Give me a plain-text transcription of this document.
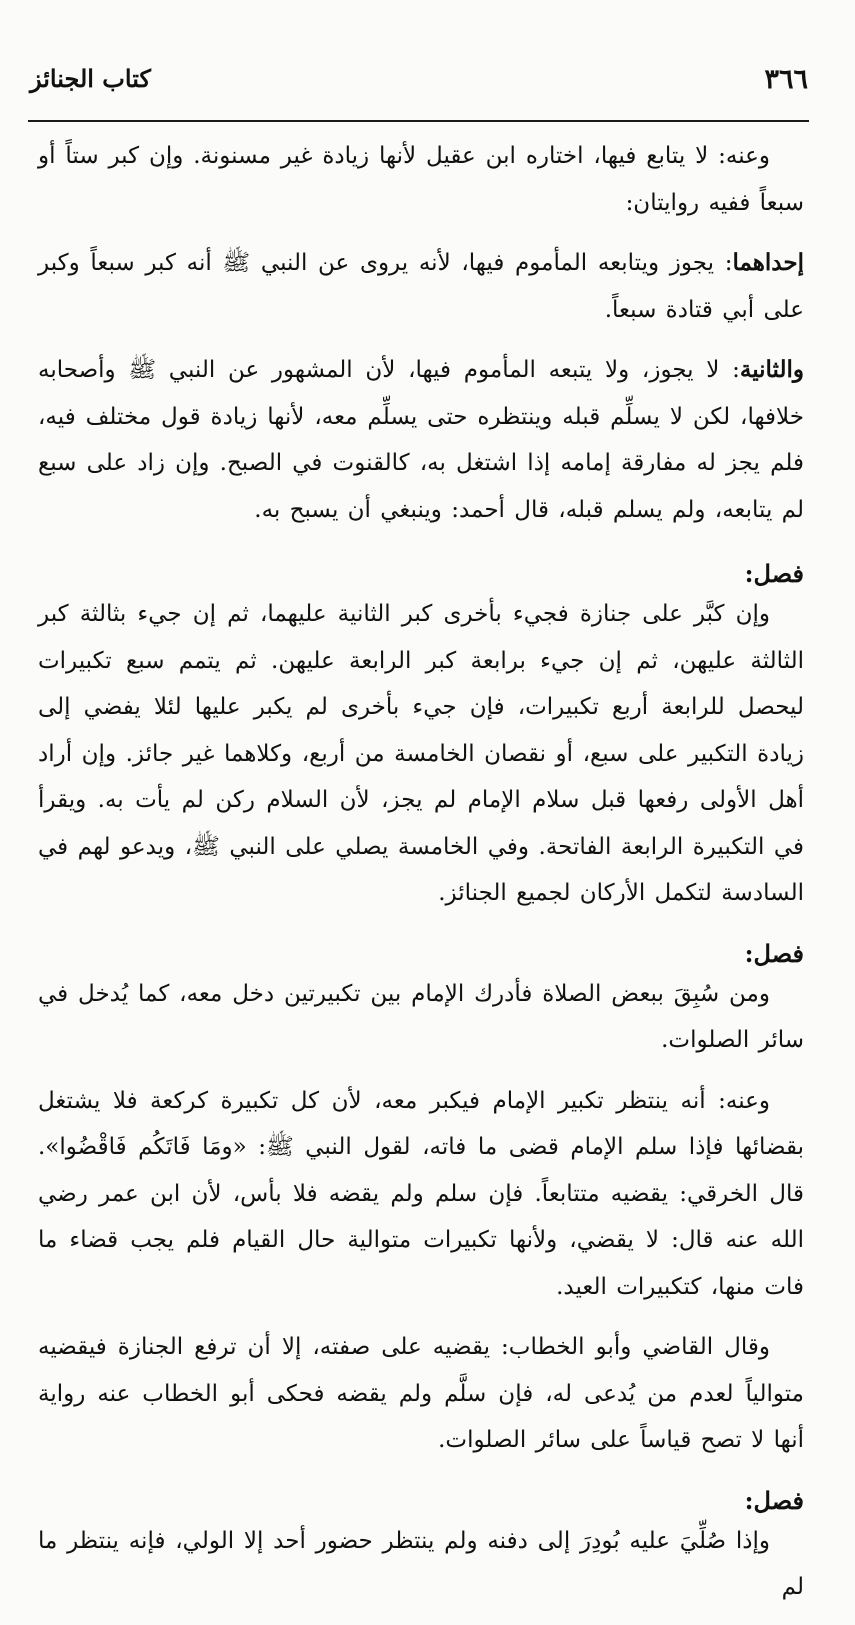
٣٦٦
كتاب الجنائز

وعنه: لا يتابع فيها، اختاره ابن عقيل لأنها زيادة غير مسنونة. وإن كبر ستاً أو سبعاً ففيه روايتان:

إحداهما: يجوز ويتابعه المأموم فيها، لأنه يروى عن النبي ﷺ أنه كبر سبعاً وكبر على أبي قتادة سبعاً.

والثانية: لا يجوز، ولا يتبعه المأموم فيها، لأن المشهور عن النبي ﷺ وأصحابه خلافها، لكن لا يسلِّم قبله وينتظره حتى يسلِّم معه، لأنها زيادة قول مختلف فيه، فلم يجز له مفارقة إمامه إذا اشتغل به، كالقنوت في الصبح. وإن زاد على سبع لم يتابعه، ولم يسلم قبله، قال أحمد: وينبغي أن يسبح به.

فصل:

وإن كبَّر على جنازة فجيء بأخرى كبر الثانية عليهما، ثم إن جيء بثالثة كبر الثالثة عليهن، ثم إن جيء برابعة كبر الرابعة عليهن. ثم يتمم سبع تكبيرات ليحصل للرابعة أربع تكبيرات، فإن جيء بأخرى لم يكبر عليها لئلا يفضي إلى زيادة التكبير على سبع، أو نقصان الخامسة من أربع، وكلاهما غير جائز. وإن أراد أهل الأولى رفعها قبل سلام الإمام لم يجز، لأن السلام ركن لم يأت به. ويقرأ في التكبيرة الرابعة الفاتحة. وفي الخامسة يصلي على النبي ﷺ، ويدعو لهم في السادسة لتكمل الأركان لجميع الجنائز.

فصل:

ومن سُبِقَ ببعض الصلاة فأدرك الإمام بين تكبيرتين دخل معه، كما يُدخل في سائر الصلوات.

وعنه: أنه ينتظر تكبير الإمام فيكبر معه، لأن كل تكبيرة كركعة فلا يشتغل بقضائها فإذا سلم الإمام قضى ما فاته، لقول النبي ﷺ: «ومَا فَاتَكُم فَاقْضُوا». قال الخرقي: يقضيه متتابعاً. فإن سلم ولم يقضه فلا بأس، لأن ابن عمر رضي الله عنه قال: لا يقضي، ولأنها تكبيرات متوالية حال القيام فلم يجب قضاء ما فات منها، كتكبيرات العيد.

وقال القاضي وأبو الخطاب: يقضيه على صفته، إلا أن ترفع الجنازة فيقضيه متوالياً لعدم من يُدعى له، فإن سلَّم ولم يقضه فحكى أبو الخطاب عنه رواية أنها لا تصح قياساً على سائر الصلوات.

فصل:

وإذا صُلِّيَ عليه بُودِرَ إلى دفنه ولم ينتظر حضور أحد إلا الولي، فإنه ينتظر ما لم
